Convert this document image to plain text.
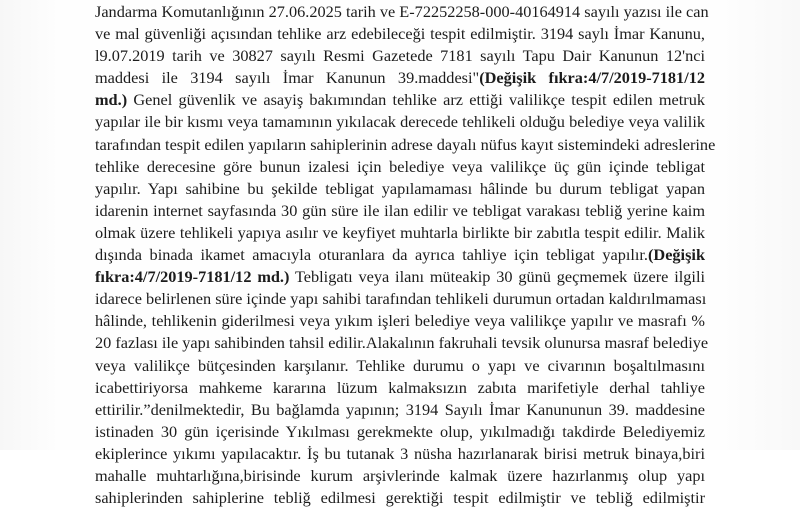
Jandarma Komutanlığının 27.06.2025 tarih ve E-72252258-000-40164914 sayılı yazısı ile can
ve mal güvenliği açısından tehlike arz edebileceği tespit edilmiştir. 3194 saylı İmar Kanunu,
l9.07.2019 tarih ve 30827 sayılı Resmi Gazetede 7181 sayılı Tapu Dair Kanunun 12'nci
maddesi ile 3194 sayılı İmar Kanunun 39.maddesi"(Değişik fıkra:4/7/2019-7181/12
md.) Genel güvenlik ve asayiş bakımından tehlike arz ettiği valilikçe tespit edilen metruk
yapılar ile bir kısmı veya tamamının yıkılacak derecede tehlikeli olduğu belediye veya valilik
tarafından tespit edilen yapıların sahiplerinin adrese dayalı nüfus kayıt sistemindeki adreslerine
tehlike derecesine göre bunun izalesi için belediye veya valilikçe üç gün içinde tebligat
yapılır. Yapı sahibine bu şekilde tebligat yapılamaması hâlinde bu durum tebligat yapan
idarenin internet sayfasında 30 gün süre ile ilan edilir ve tebligat varakası tebliğ yerine kaim
olmak üzere tehlikeli yapıya asılır ve keyfiyet muhtarla birlikte bir zabıtla tespit edilir. Malik
dışında binada ikamet amacıyla oturanlara da ayrıca tahliye için tebligat yapılır.(Değişik
fıkra:4/7/2019-7181/12 md.) Tebligatı veya ilanı müteakip 30 günü geçmemek üzere ilgili
idarece belirlenen süre içinde yapı sahibi tarafından tehlikeli durumun ortadan kaldırılmaması
hâlinde, tehlikenin giderilmesi veya yıkım işleri belediye veya valilikçe yapılır ve masrafı %
20 fazlası ile yapı sahibinden tahsil edilir.Alakalının fakruhali tevsik olunursa masraf belediye
veya valilikçe bütçesinden karşılanır. Tehlike durumu o yapı ve civarının boşaltılmasını
icabettiriyorsa mahkeme kararına lüzum kalmaksızın zabıta marifetiyle derhal tahliye
ettirilir.”denilmektedir, Bu bağlamda yapının; 3194 Sayılı İmar Kanununun 39. maddesine
istinaden 30 gün içerisinde Yıkılması gerekmekte olup, yıkılmadığı takdirde Belediyemiz
ekiplerince yıkımı yapılacaktır. İş bu tutanak 3 nüsha hazırlanarak birisi metruk binaya,biri
mahalle muhtarlığına,birisinde kurum arşivlerinde kalmak üzere hazırlanmış olup yapı
sahiplerinden sahiplerine tebliğ edilmesi gerektiği tespit edilmiştir ve tebliğ edilmiştir
